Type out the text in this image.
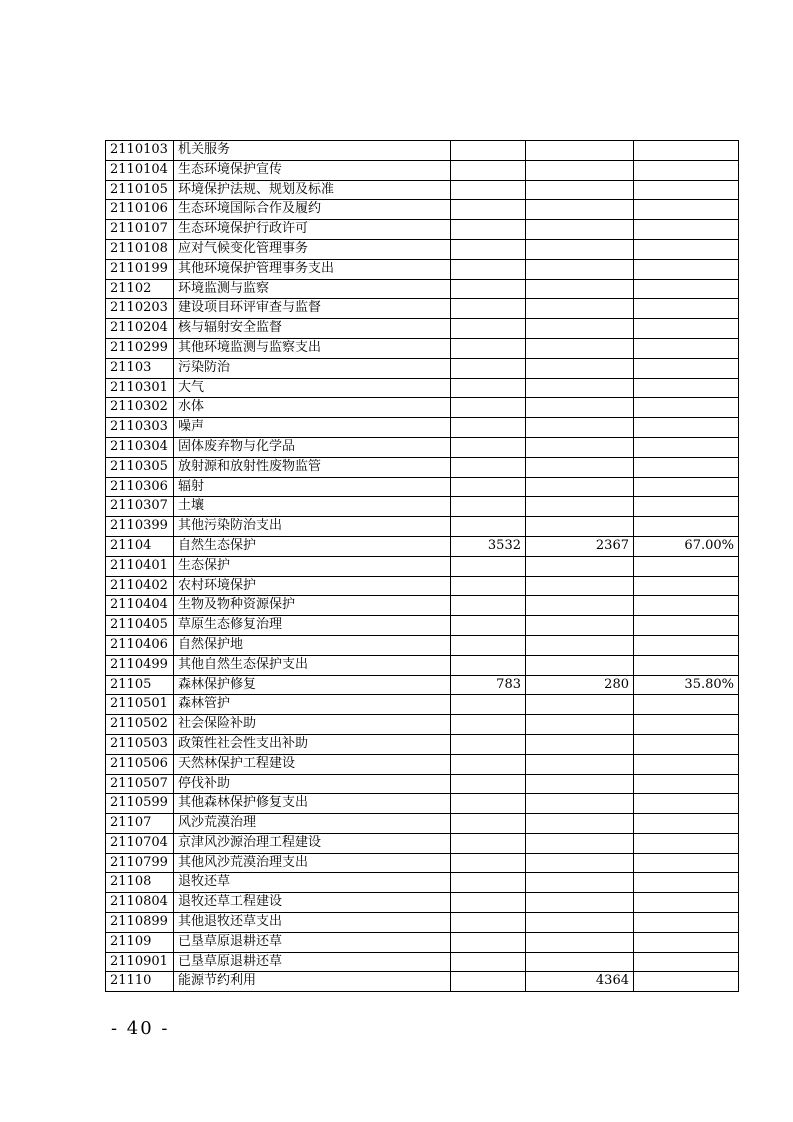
2110103	机关服务			
2110104	生态环境保护宣传			
2110105	环境保护法规、规划及标准			
2110106	生态环境国际合作及履约			
2110107	生态环境保护行政许可			
2110108	应对气候变化管理事务			
2110199	其他环境保护管理事务支出			
21102	环境监测与监察			
2110203	建设项目环评审查与监督			
2110204	核与辐射安全监督			
2110299	其他环境监测与监察支出			
21103	污染防治			
2110301	大气			
2110302	水体			
2110303	噪声			
2110304	固体废弃物与化学品			
2110305	放射源和放射性废物监管			
2110306	辐射			
2110307	土壤			
2110399	其他污染防治支出			
21104	自然生态保护	3532	2367	67.00%
2110401	生态保护			
2110402	农村环境保护			
2110404	生物及物种资源保护			
2110405	草原生态修复治理			
2110406	自然保护地			
2110499	其他自然生态保护支出			
21105	森林保护修复	783	280	35.80%
2110501	森林管护			
2110502	社会保险补助			
2110503	政策性社会性支出补助			
2110506	天然林保护工程建设			
2110507	停伐补助			
2110599	其他森林保护修复支出			
21107	风沙荒漠治理			
2110704	京津风沙源治理工程建设			
2110799	其他风沙荒漠治理支出			
21108	退牧还草			
2110804	退牧还草工程建设			
2110899	其他退牧还草支出			
21109	已垦草原退耕还草			
2110901	已垦草原退耕还草			
21110	能源节约利用		4364	
- 40 -
